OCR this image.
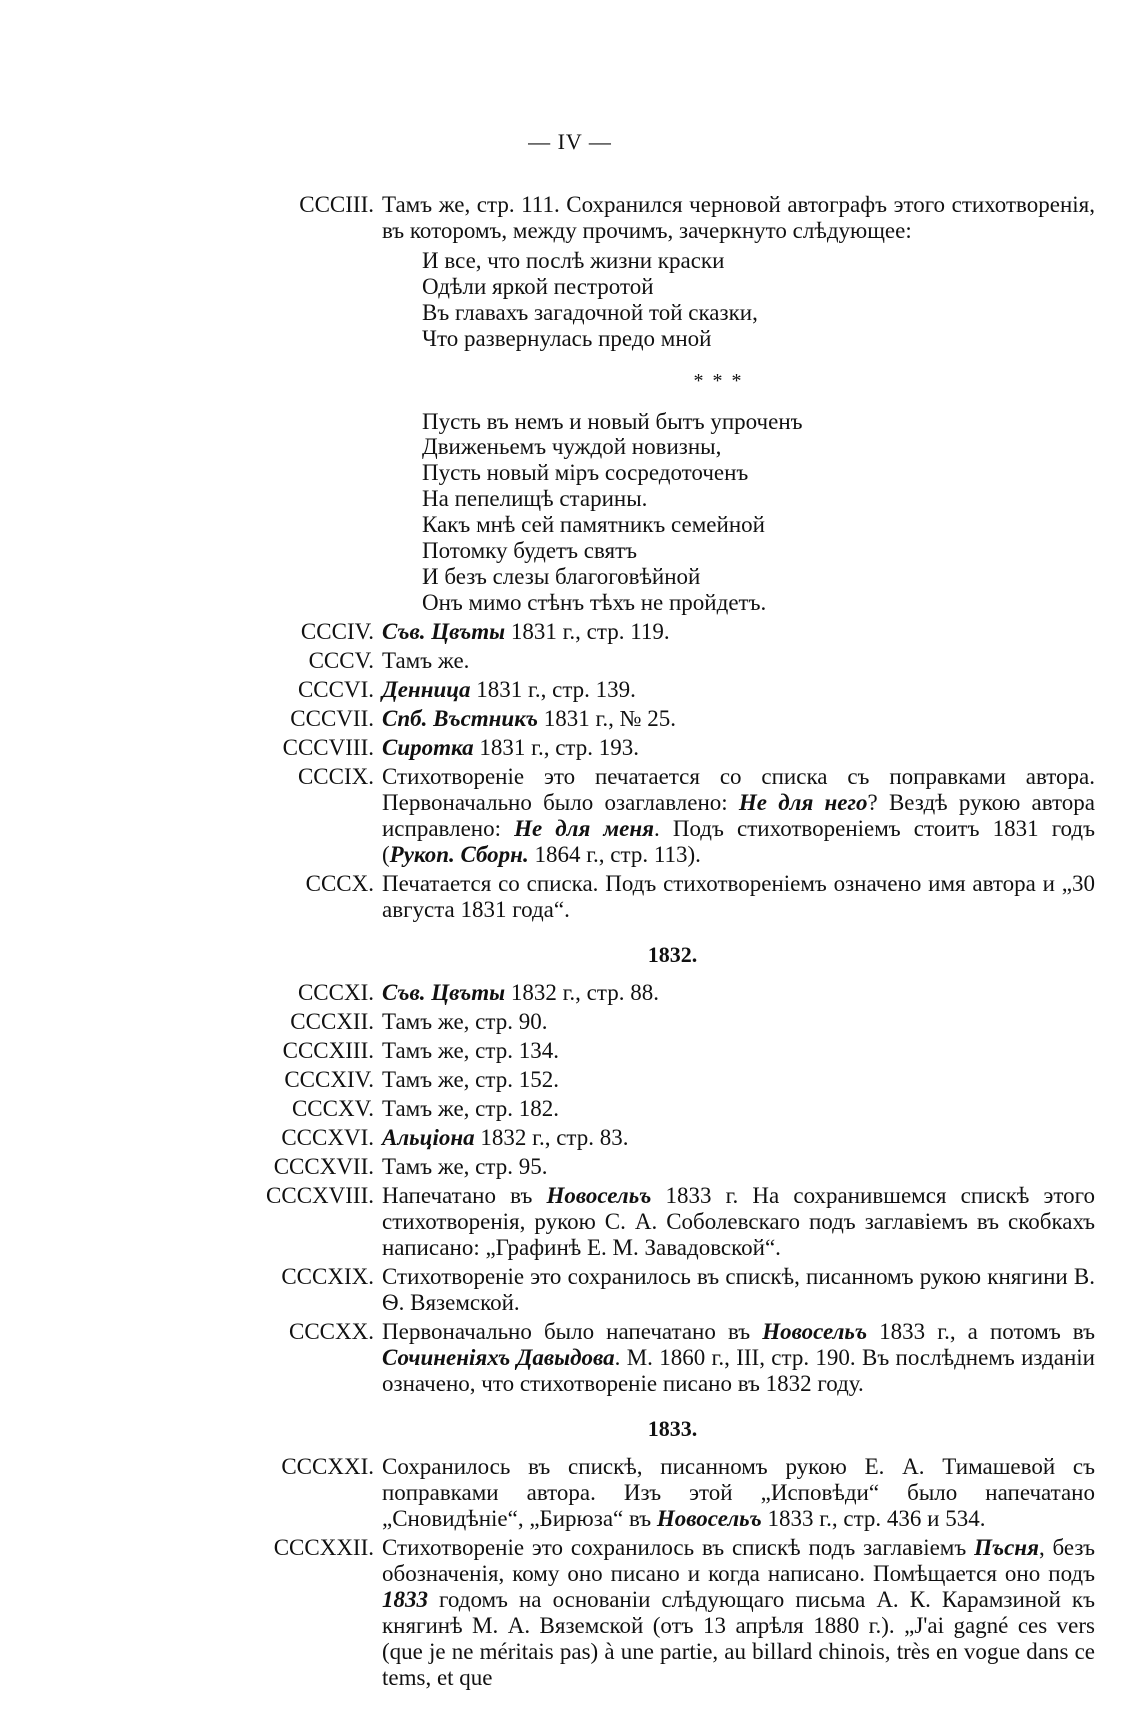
— IV —
CCCIII. Тамъ же, стр. 111. Сохранился черновой автографъ этого стихотворенія, въ которомъ, между прочимъ, зачеркнуто слѣдующее:
И все, что послѣ жизни краски
Одѣли яркой пестротой
Въ главахъ загадочной той сказки,
Что развернулась предо мной
* * *
Пусть въ немъ и новый бытъ упроченъ
Движеньемъ чуждой новизны,
Пусть новый міръ сосредоточенъ
На пепелищѣ старины.
Какъ мнѣ сей памятникъ семейной
Потомку будетъ святъ
И безъ слезы благоговѣйной
Онъ мимо стѣнъ тѣхъ не пройдетъ.
CCCIV. Съв. Цвъты 1831 г., стр. 119.
CCCV. Тамъ же.
CCCVI. Денница 1831 г., стр. 139.
CCCVII. Спб. Въстникъ 1831 г., № 25.
CCCVIII. Сиротка 1831 г., стр. 193.
CCCIX. Стихотвореніе это печатается со списка съ поправками автора. Первоначально было озаглавлено: Не для него? Вездѣ рукою автора исправлено: Не для меня. Подъ стихотвореніемъ стоитъ 1831 годъ (Рукоп. Сборн. 1864 г., стр. 113).
CCCX. Печатается со списка. Подъ стихотвореніемъ означено имя автора и „30 августа 1831 года“.
1832.
CCCXI. Съв. Цвъты 1832 г., стр. 88.
CCCXII. Тамъ же, стр. 90.
CCCXIII. Тамъ же, стр. 134.
CCCXIV. Тамъ же, стр. 152.
CCCXV. Тамъ же, стр. 182.
CCCXVI. Альціона 1832 г., стр. 83.
CCCXVII. Тамъ же, стр. 95.
CCCXVIII. Напечатано въ Новосельъ 1833 г. На сохранившемся спискѣ этого стихотворенія, рукою С. А. Соболевскаго подъ заглавіемъ въ скобкахъ написано: „Графинѣ Е. М. Завадовской“.
CCCXIX. Стихотвореніе это сохранилось въ спискѣ, писанномъ рукою княгини В. Ѳ. Вяземской.
CCCXX. Первоначально было напечатано въ Новосельъ 1833 г., а потомъ въ Сочиненіяхъ Давыдова. М. 1860 г., III, стр. 190. Въ послѣднемъ изданіи означено, что стихотвореніе писано въ 1832 году.
1833.
CCCXXI. Сохранилось въ спискѣ, писанномъ рукою Е. А. Тимашевой съ поправками автора. Изъ этой „Исповѣди“ было напечатано „Сновидѣніе“, „Бирюза“ въ Новосельъ 1833 г., стр. 436 и 534.
CCCXXII. Стихотвореніе это сохранилось въ спискѣ подъ заглавіемъ Пъсня, безъ обозначенія, кому оно писано и когда написано. Помѣщается оно подъ 1833 годомъ на основаніи слѣдующаго письма А. К. Карамзиной къ княгинѣ М. А. Вяземской (отъ 13 апрѣля 1880 г.). „J'ai gagné ces vers (que je ne méritais pas) à une partie, au billard chinois, très en vogue dans ce tems, et que
